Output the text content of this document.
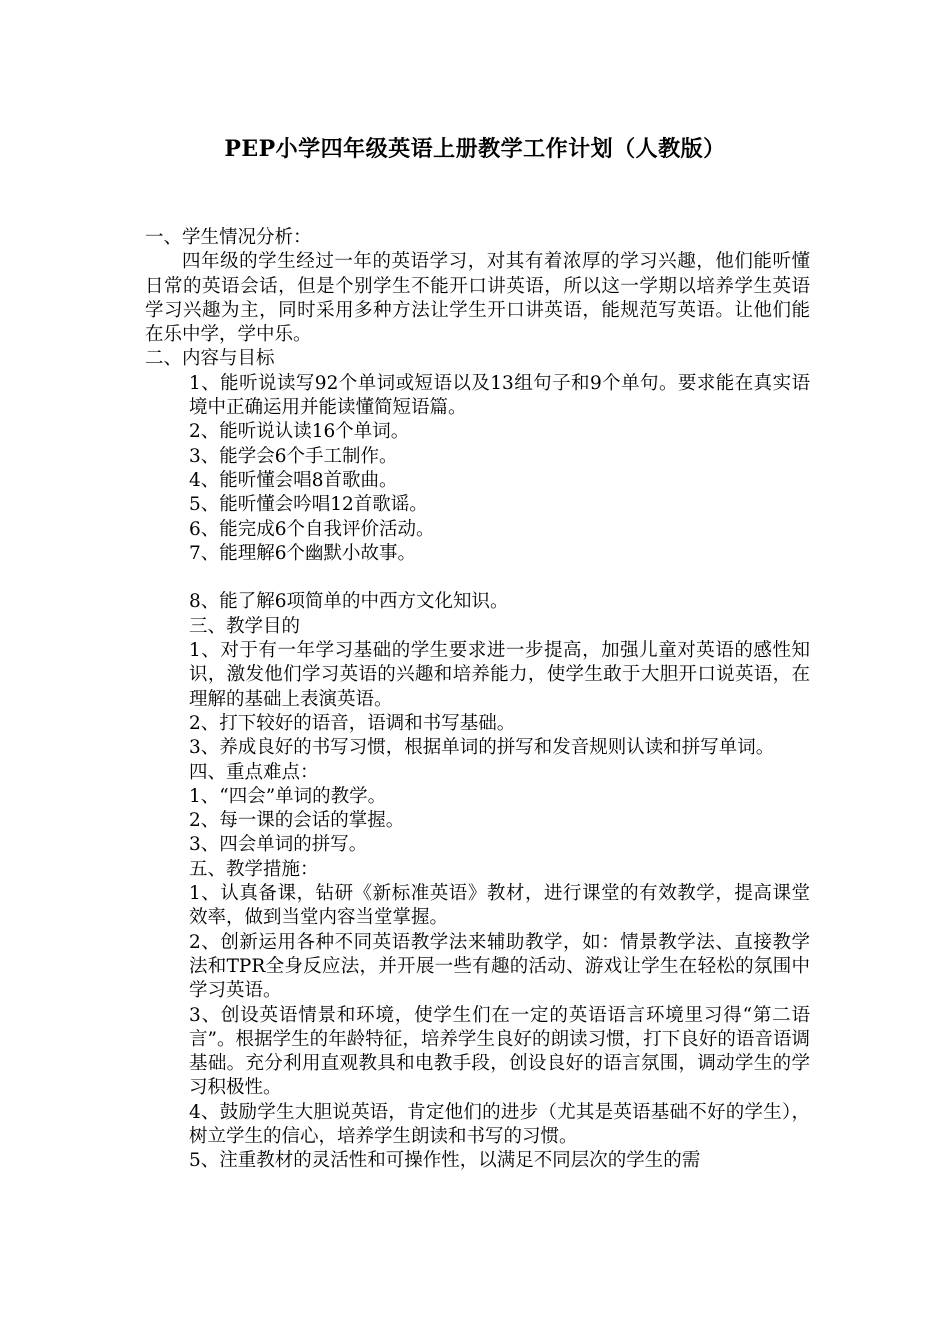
PEP小学四年级英语上册教学工作计划（人教版）

一、学生情况分析：

四年级的学生经过一年的英语学习，对其有着浓厚的学习兴趣，他们能听懂日常的英语会话，但是个别学生不能开口讲英语，所以这一学期以培养学生英语学习兴趣为主，同时采用多种方法让学生开口讲英语，能规范写英语。让他们能在乐中学，学中乐。

二、内容与目标

1、能听说读写92个单词或短语以及13组句子和9个单句。要求能在真实语境中正确运用并能读懂简短语篇。

2、能听说认读16个单词。

3、能学会6个手工制作。

4、能听懂会唱8首歌曲。

5、能听懂会吟唱12首歌谣。

6、能完成6个自我评价活动。

7、能理解6个幽默小故事。

8、能了解6项简单的中西方文化知识。

三、教学目的

1、对于有一年学习基础的学生要求进一步提高，加强儿童对英语的感性知识，激发他们学习英语的兴趣和培养能力，使学生敢于大胆开口说英语，在理解的基础上表演英语。

2、打下较好的语音，语调和书写基础。

3、养成良好的书写习惯，根据单词的拼写和发音规则认读和拼写单词。

四、重点难点：

1、“四会”单词的教学。

2、每一课的会话的掌握。

3、四会单词的拼写。

五、教学措施：

1、认真备课，钻研《新标准英语》教材，进行课堂的有效教学，提高课堂效率，做到当堂内容当堂掌握。

2、创新运用各种不同英语教学法来辅助教学，如：情景教学法、直接教学法和TPR全身反应法，并开展一些有趣的活动、游戏让学生在轻松的氛围中学习英语。

3、创设英语情景和环境，使学生们在一定的英语语言环境里习得“第二语言”。根据学生的年龄特征，培养学生良好的朗读习惯，打下良好的语音语调基础。充分利用直观教具和电教手段，创设良好的语言氛围，调动学生的学习积极性。

4、鼓励学生大胆说英语，肯定他们的进步（尤其是英语基础不好的学生），树立学生的信心，培养学生朗读和书写的习惯。

5、注重教材的灵活性和可操作性，以满足不同层次的学生的需
